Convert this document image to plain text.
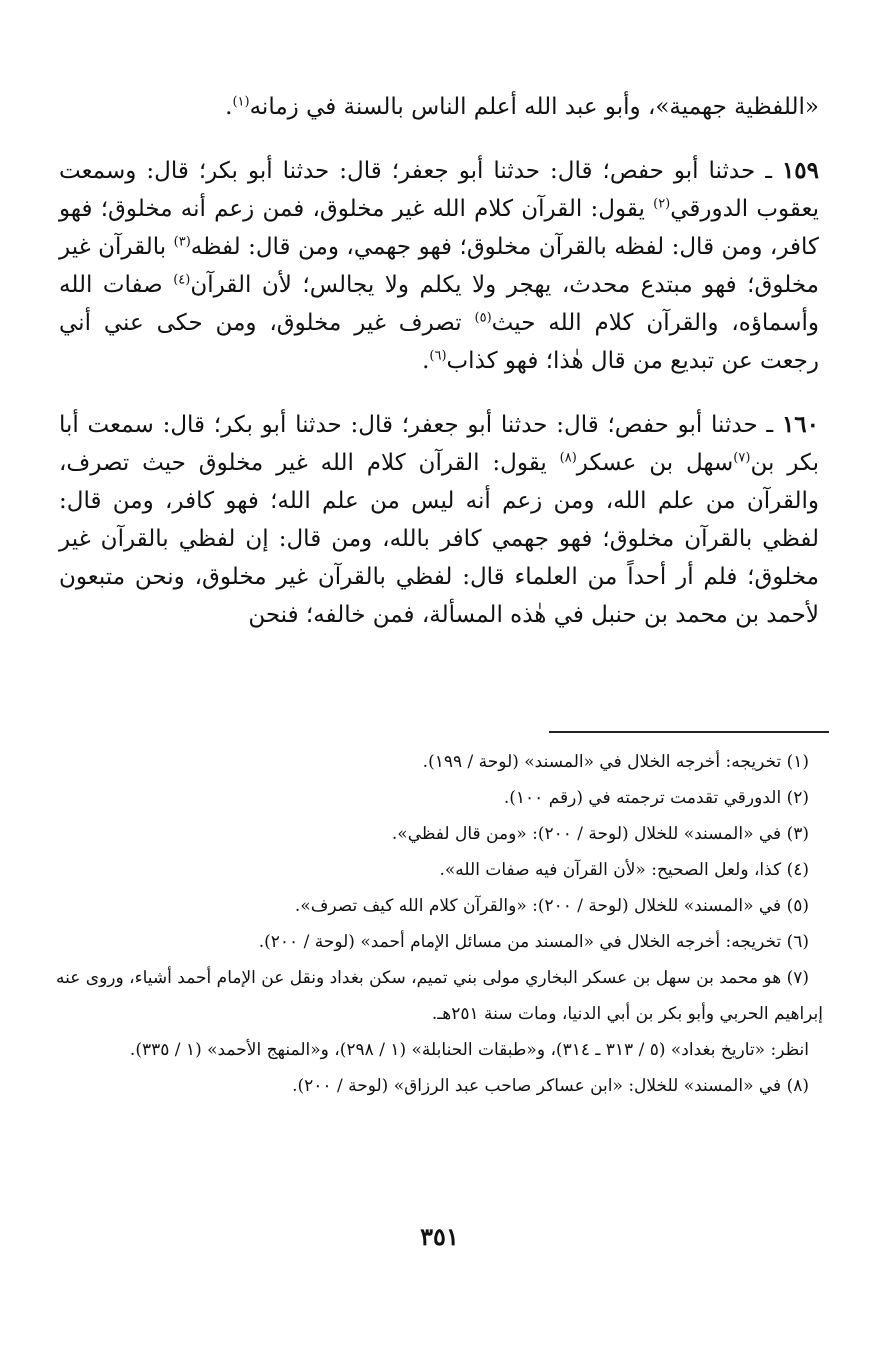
«اللفظية جهمية»، وأبو عبد الله أعلم الناس بالسنة في زمانه$^{(١)}$.

١٥٩ ـ حدثنا أبو حفص؛ قال: حدثنا أبو جعفر؛ قال: حدثنا أبو بكر؛ قال: وسمعت يعقوب الدورقي$^{(٢)}$ يقول: القرآن كلام الله غير مخلوق، فمن زعم أنه مخلوق؛ فهو كافر، ومن قال: لفظه بالقرآن مخلوق؛ فهو جهمي، ومن قال: لفظه$^{(٣)}$ بالقرآن غير مخلوق؛ فهو مبتدع محدث، يهجر ولا يكلم ولا يجالس؛ لأن القرآن$^{(٤)}$ صفات الله وأسماؤه، والقرآن كلام الله حيث$^{(٥)}$ تصرف غير مخلوق، ومن حكى عني أني رجعت عن تبديع من قال هٰذا؛ فهو كذاب$^{(٦)}$.

١٦٠ ـ حدثنا أبو حفص؛ قال: حدثنا أبو جعفر؛ قال: حدثنا أبو بكر؛ قال: سمعت أبا بكر بن$^{(٧)}$سهل بن عسكر$^{(٨)}$ يقول: القرآن كلام الله غير مخلوق حيث تصرف، والقرآن من علم الله، ومن زعم أنه ليس من علم الله؛ فهو كافر، ومن قال: لفظي بالقرآن مخلوق؛ فهو جهمي كافر بالله، ومن قال: إن لفظي بالقرآن غير مخلوق؛ فلم أر أحداً من العلماء قال: لفظي بالقرآن غير مخلوق، ونحن متبعون لأحمد بن محمد بن حنبل في هٰذه المسألة، فمن خالفه؛ فنحن

(١) تخريجه: أخرجه الخلال في «المسند» (لوحة / ١٩٩).

(٢) الدورقي تقدمت ترجمته في (رقم ١٠٠).

(٣) في «المسند» للخلال (لوحة / ٢٠٠): «ومن قال لفظي».

(٤) كذا، ولعل الصحيح: «لأن القرآن فيه صفات الله».

(٥) في «المسند» للخلال (لوحة / ٢٠٠): «والقرآن كلام الله كيف تصرف».

(٦) تخريجه: أخرجه الخلال في «المسند من مسائل الإمام أحمد» (لوحة / ٢٠٠).

(٧) هو محمد بن سهل بن عسكر البخاري مولى بني تميم، سكن بغداد ونقل عن الإمام أحمد أشياء، وروى عنه إبراهيم الحربي وأبو بكر بن أبي الدنيا، ومات سنة ٢٥١هـ.

انظر: «تاريخ بغداد» (٥ / ٣١٣ ـ ٣١٤)، و«طبقات الحنابلة» (١ / ٢٩٨)، و«المنهج الأحمد» (١ / ٣٣٥).

(٨) في «المسند» للخلال: «ابن عساكر صاحب عبد الرزاق» (لوحة / ٢٠٠).

٣٥١
